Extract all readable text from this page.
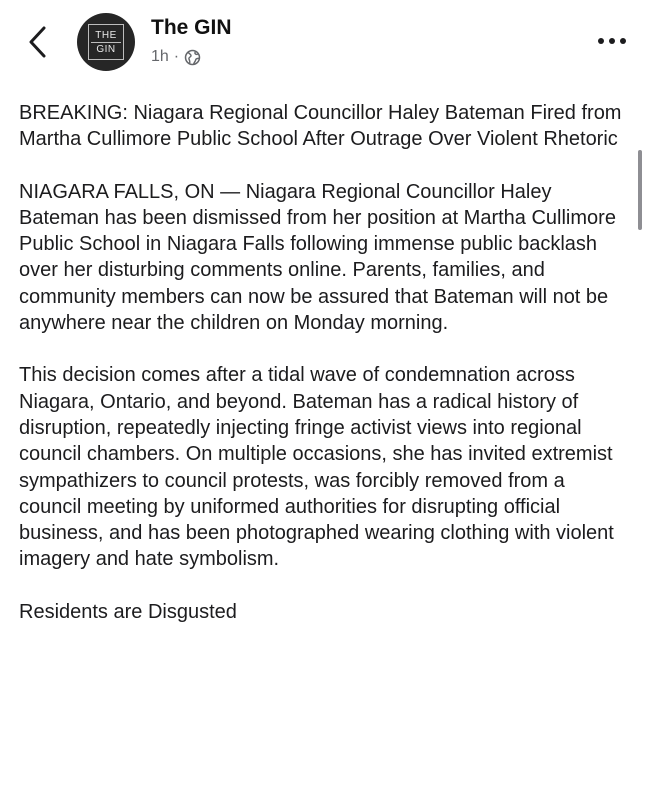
THE
GIN
The GIN
1h ·

BREAKING: Niagara Regional Councillor Haley Bateman Fired from Martha Cullimore Public School After Outrage Over Violent Rhetoric

NIAGARA FALLS, ON — Niagara Regional Councillor Haley Bateman has been dismissed from her position at Martha Cullimore Public School in Niagara Falls following immense public backlash over her disturbing comments online. Parents, families, and community members can now be assured that Bateman will not be anywhere near the children on Monday morning.

This decision comes after a tidal wave of condemnation across Niagara, Ontario, and beyond. Bateman has a radical history of disruption, repeatedly injecting fringe activist views into regional council chambers. On multiple occasions, she has invited extremist sympathizers to council protests, was forcibly removed from a council meeting by uniformed authorities for disrupting official business, and has been photographed wearing clothing with violent imagery and hate symbolism.

Residents are Disgusted
